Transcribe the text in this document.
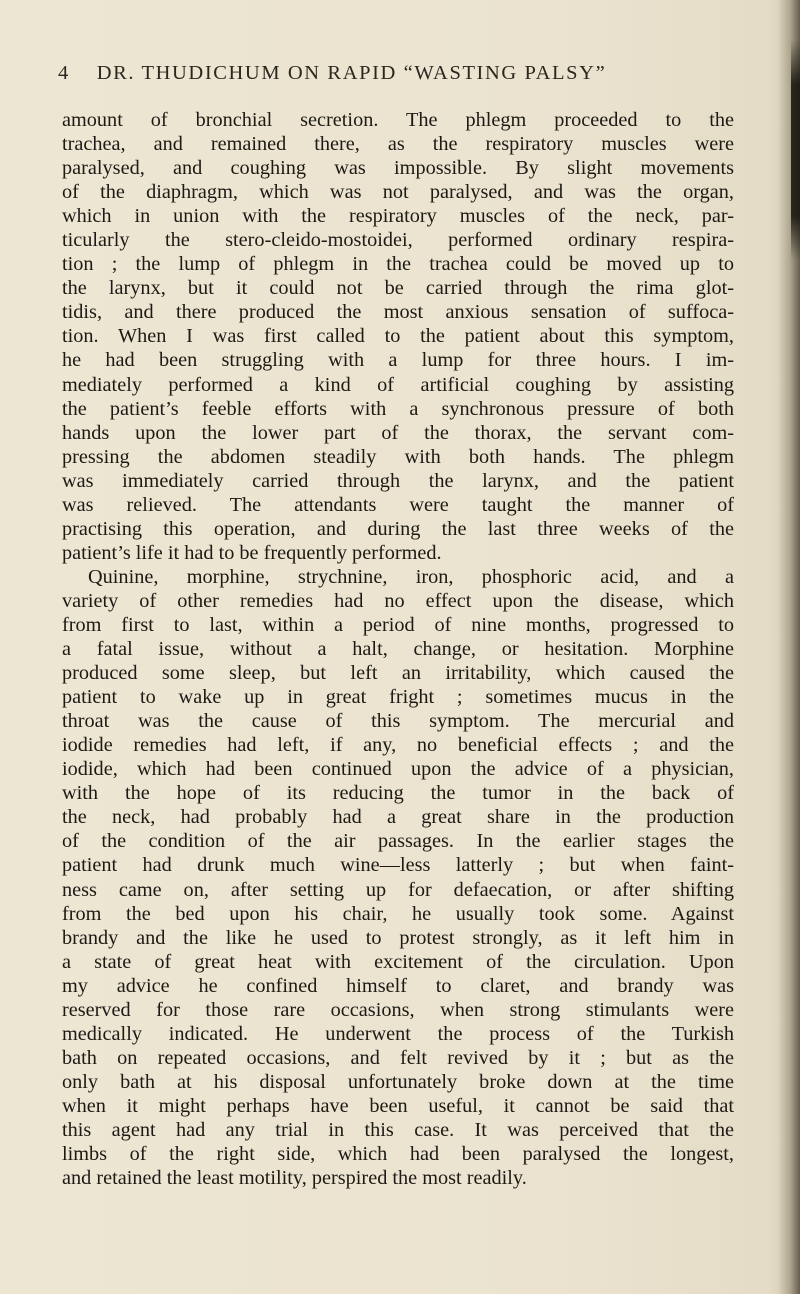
4 DR. THUDICHUM ON RAPID “WASTING PALSY”
amount of bronchial secretion. The phlegm proceeded to the
trachea, and remained there, as the respiratory muscles were
paralysed, and coughing was impossible. By slight movements
of the diaphragm, which was not paralysed, and was the organ,
which in union with the respiratory muscles of the neck, par-
ticularly the stero-cleido-mostoidei, performed ordinary respira-
tion ; the lump of phlegm in the trachea could be moved up to
the larynx, but it could not be carried through the rima glot-
tidis, and there produced the most anxious sensation of suffoca-
tion. When I was first called to the patient about this symptom,
he had been struggling with a lump for three hours. I im-
mediately performed a kind of artificial coughing by assisting
the patient’s feeble efforts with a synchronous pressure of both
hands upon the lower part of the thorax, the servant com-
pressing the abdomen steadily with both hands. The phlegm
was immediately carried through the larynx, and the patient
was relieved. The attendants were taught the manner of
practising this operation, and during the last three weeks of the
patient’s life it had to be frequently performed.
Quinine, morphine, strychnine, iron, phosphoric acid, and a
variety of other remedies had no effect upon the disease, which
from first to last, within a period of nine months, progressed to
a fatal issue, without a halt, change, or hesitation. Morphine
produced some sleep, but left an irritability, which caused the
patient to wake up in great fright ; sometimes mucus in the
throat was the cause of this symptom. The mercurial and
iodide remedies had left, if any, no beneficial effects ; and the
iodide, which had been continued upon the advice of a physician,
with the hope of its reducing the tumor in the back of
the neck, had probably had a great share in the production
of the condition of the air passages. In the earlier stages the
patient had drunk much wine—less latterly ; but when faint-
ness came on, after setting up for defaecation, or after shifting
from the bed upon his chair, he usually took some. Against
brandy and the like he used to protest strongly, as it left him in
a state of great heat with excitement of the circulation. Upon
my advice he confined himself to claret, and brandy was
reserved for those rare occasions, when strong stimulants were
medically indicated. He underwent the process of the Turkish
bath on repeated occasions, and felt revived by it ; but as the
only bath at his disposal unfortunately broke down at the time
when it might perhaps have been useful, it cannot be said that
this agent had any trial in this case. It was perceived that the
limbs of the right side, which had been paralysed the longest,
and retained the least motility, perspired the most readily.
